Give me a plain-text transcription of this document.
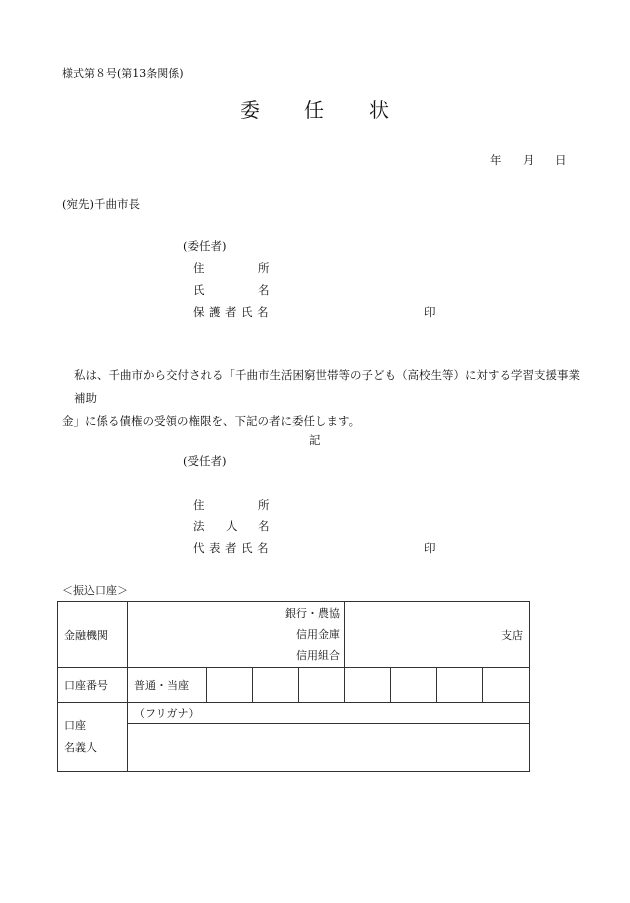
様式第８号(第13条関係)
委 任 状
年 月 日
(宛先)千曲市長
(委任者)
住	所
氏	名
保護者氏名	印
私は、千曲市から交付される「千曲市生活困窮世帯等の子ども（高校生等）に対する学習支援事業補助
金」に係る債権の受領の権限を、下記の者に委任します。
記
(受任者)
住	所
法 人 名
代表者氏名	印
＜振込口座＞
金融機関	銀行・農協
信用金庫
信用組合				支店			
口座番号	普通・当座							

口座
名義人	（フリガナ）							
